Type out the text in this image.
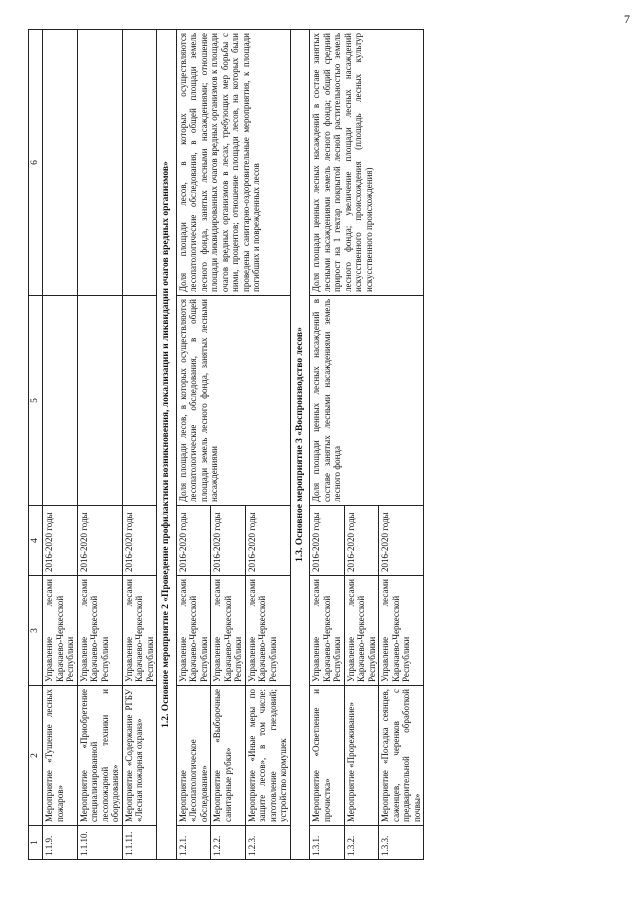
7
1	2	3	4	5	6
1.1.9.	Мероприятие «Тушение лесных пожаров»	Управление лесами Карачаево-Черкесской Республики	2016-2020 годы		
1.1.10.	Мероприятие «Приобретение специализированной лесопожарной техники и оборудования»	Управление лесами Карачаево-Черкесской Республики	2016-2020 годы		
1.1.11.	Мероприятие «Содержание РГБУ «Лесная пожарная охрана»	Управление лесами Карачаево-Черкесской Республики	2016-2020 годы		
1.2. Основное мероприятие 2 «Проведение профилактики возникновения, локализации и ликвидации очагов вредных организмов»					
1.2.1.	Мероприятие «Лесопатологическое обследование»	Управление лесами Карачаево-Черкесской Республики	2016-2020 годы	Доля площади лесов, в которых осуществляются лесопатологические обследования, в общей площади земель лесного фонда, занятых лесными насаждениями	Доля площади лесов, в которых осуществляются лесопатологические обследования, в общей площади земель лесного фонда, занятых лесными насаждениями; отношение площади ликвидированных очагов вредных организмов к площади очагов вредных организмов в лесах, требующих мер борьбы с ними, процентов; отношение площади лесов, на которых были проведены санитарно-оздоровительные мероприятия, к площади погибших и поврежденных лесов
1.2.2.	Мероприятие «Выборочные санитарные рубки»	Управление лесами Карачаево-Черкесской Республики	2016-2020 годы		
1.2.3.	Мероприятие «Иные меры по защите лесов», в том числе: изготовление гнездовий; устройство кормушек	Управление лесами Карачаево-Черкесской Республики	2016-2020 годы		
1.3. Основное мероприятие 3 «Воспроизводство лесов»					
1.3.1.	Мероприятие «Осветление и прочистка»	Управление лесами Карачаево-Черкесской Республики	2016-2020 годы	Доля площади ценных лесных насаждений в составе занятых лесными насаждениями земель лесного фонда	Доля площади ценных лесных насаждений в составе занятых лесными насаждениями земель лесного фонда; общий средний прирост на 1 гектар покрытой лесной растительностью земель лесного фонда; увеличение площади лесных насаждений искусственного происхождения (площадь лесных культур искусственного происхождения)
1.3.2.	Мероприятие «Прореживание»	Управление лесами Карачаево-Черкесской Республики	2016-2020 годы		
1.3.3.	Мероприятие «Посадка сеянцев, саженцев, черенков с предварительной обработкой почвы»	Управление лесами Карачаево-Черкесской Республики	2016-2020 годы		
